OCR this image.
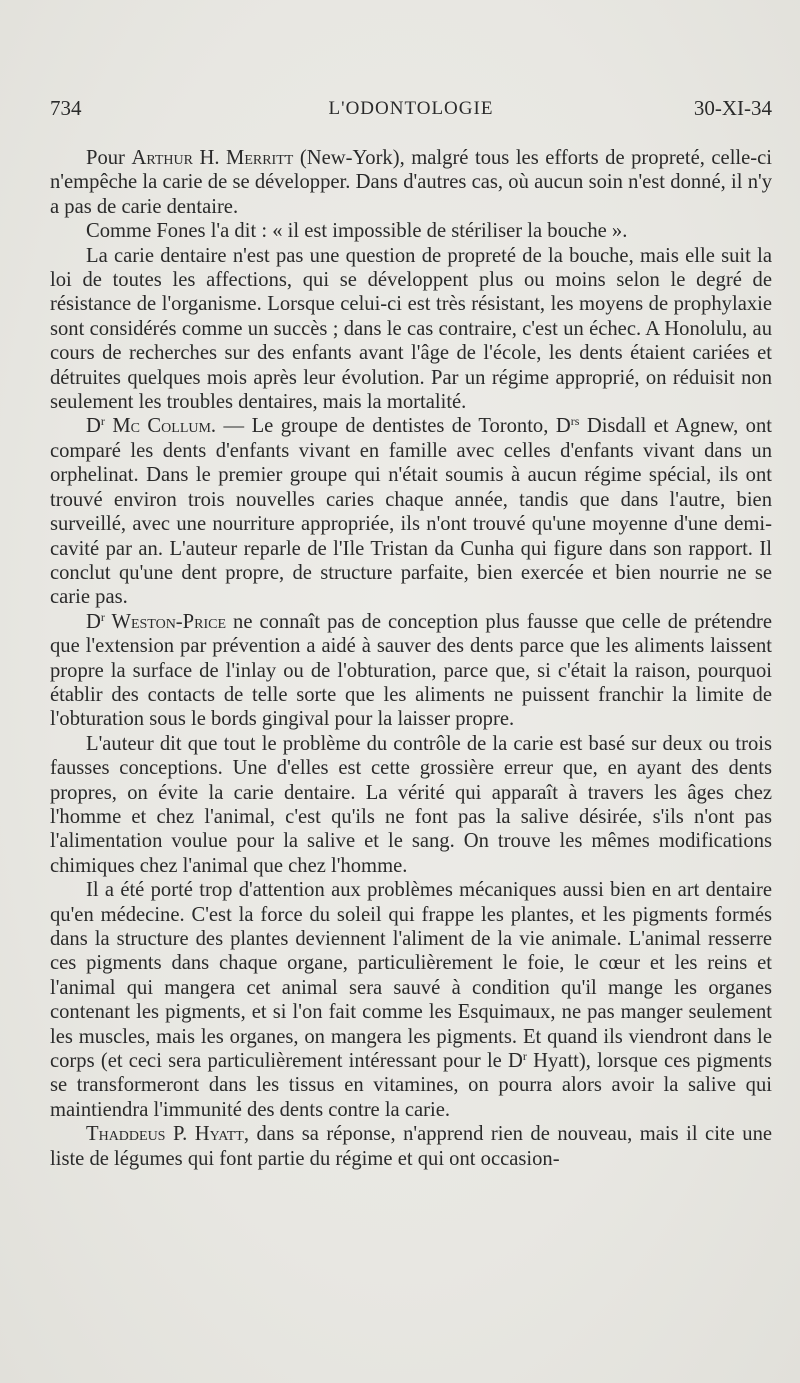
734	L'ODONTOLOGIE	30-XI-34

Pour Arthur H. Merritt (New-York), malgré tous les efforts de propreté, celle-ci n'empêche la carie de se développer. Dans d'autres cas, où aucun soin n'est donné, il n'y a pas de carie dentaire.

Comme Fones l'a dit : « il est impossible de stériliser la bouche ».

La carie dentaire n'est pas une question de propreté de la bouche, mais elle suit la loi de toutes les affections, qui se développent plus ou moins selon le degré de résistance de l'organisme. Lorsque celui-ci est très résistant, les moyens de prophylaxie sont considérés comme un succès ; dans le cas contraire, c'est un échec. A Honolulu, au cours de recherches sur des enfants avant l'âge de l'école, les dents étaient cariées et détruites quelques mois après leur évolution. Par un régime approprié, on réduisit non seulement les troubles dentaires, mais la mortalité.

$D^r$ Mc Collum. — Le groupe de dentistes de Toronto, $D^{rs}$ Disdall et Agnew, ont comparé les dents d'enfants vivant en famille avec celles d'enfants vivant dans un orphelinat. Dans le premier groupe qui n'était soumis à aucun régime spécial, ils ont trouvé environ trois nouvelles caries chaque année, tandis que dans l'autre, bien surveillé, avec une nourriture appropriée, ils n'ont trouvé qu'une moyenne d'une demi-cavité par an. L'auteur reparle de l'Ile Tristan da Cunha qui figure dans son rapport. Il conclut qu'une dent propre, de structure parfaite, bien exercée et bien nourrie ne se carie pas.

$D^r$ Weston-Price ne connaît pas de conception plus fausse que celle de prétendre que l'extension par prévention a aidé à sauver des dents parce que les aliments laissent propre la surface de l'inlay ou de l'obturation, parce que, si c'était la raison, pourquoi établir des contacts de telle sorte que les aliments ne puissent franchir la limite de l'obturation sous le bords gingival pour la laisser propre.

L'auteur dit que tout le problème du contrôle de la carie est basé sur deux ou trois fausses conceptions. Une d'elles est cette grossière erreur que, en ayant des dents propres, on évite la carie dentaire. La vérité qui apparaît à travers les âges chez l'homme et chez l'animal, c'est qu'ils ne font pas la salive désirée, s'ils n'ont pas l'alimentation voulue pour la salive et le sang. On trouve les mêmes modifications chimiques chez l'animal que chez l'homme.

Il a été porté trop d'attention aux problèmes mécaniques aussi bien en art dentaire qu'en médecine. C'est la force du soleil qui frappe les plantes, et les pigments formés dans la structure des plantes deviennent l'aliment de la vie animale. L'animal resserre ces pigments dans chaque organe, particulièrement le foie, le cœur et les reins et l'animal qui mangera cet animal sera sauvé à condition qu'il mange les organes contenant les pigments, et si l'on fait comme les Esquimaux, ne pas manger seulement les muscles, mais les organes, on mangera les pigments. Et quand ils viendront dans le corps (et ceci sera particulièrement intéressant pour le $D^r$ Hyatt), lorsque ces pigments se transformeront dans les tissus en vitamines, on pourra alors avoir la salive qui maintiendra l'immunité des dents contre la carie.

Thaddeus P. Hyatt, dans sa réponse, n'apprend rien de nouveau, mais il cite une liste de légumes qui font partie du régime et qui ont occasion-
